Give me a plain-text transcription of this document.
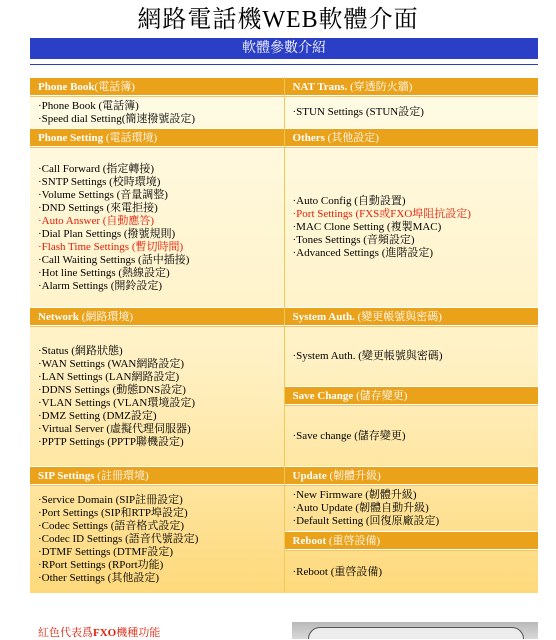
網路電話機WEB軟體介面
軟體參數介紹
Phone Book(電話簿)
·Phone Book (電話簿)
·Speed dial Setting(簡速撥號設定)
NAT Trans. (穿透防火牆)
·STUN Settings (STUN設定)
Phone Setting (電話環境)
·Call Forward (指定轉接)
·SNTP Settings (校時環境)
·Volume Settings (音量調整)
·DND Settings (來電拒接)
·Auto Answer (自動應答)
·Dial Plan Settings (撥號規則)
·Flash Time Settings (暫切時間)
·Call Waiting Settings (話中插接)
·Hot line Settings (熱線設定)
·Alarm Settings (開鈴設定)
Others (其他設定)
·Auto Config (自動設置)
·Port Settings (FXS或FXO埠阻抗設定)
·MAC Clone Setting (複製MAC)
·Tones Settings (音頻設定)
·Advanced Settings (進階設定)
Network (網路環境)
·Status (網路狀態)
·WAN Settings (WAN網路設定)
·LAN Settings (LAN網路設定)
·DDNS Settings (動態DNS設定)
·VLAN Settings (VLAN環境設定)
·DMZ Setting (DMZ設定)
·Virtual Server (虛擬代理伺服器)
·PPTP Settings (PPTP聯機設定)
System Auth. (變更帳號與密碼)
·System Auth. (變更帳號與密碼)
Save Change (儲存變更)
·Save change (儲存變更)
SIP Settings (註冊環境)
·Service Domain (SIP註冊設定)
·Port Settings (SIP和RTP埠設定)
·Codec Settings (語音格式設定)
·Codec ID Settings (語音代號設定)
·DTMF Settings (DTMF設定)
·RPort Settings (RPort功能)
·Other Settings (其他設定)
Update (韌體升級)
·New Firmware (韌體升級)
·Auto Update (韌體自動升級)
·Default Setting (回復原廠設定)
Reboot (重啓設備)
·Reboot (重啓設備)
紅色代表爲FXO機種功能
